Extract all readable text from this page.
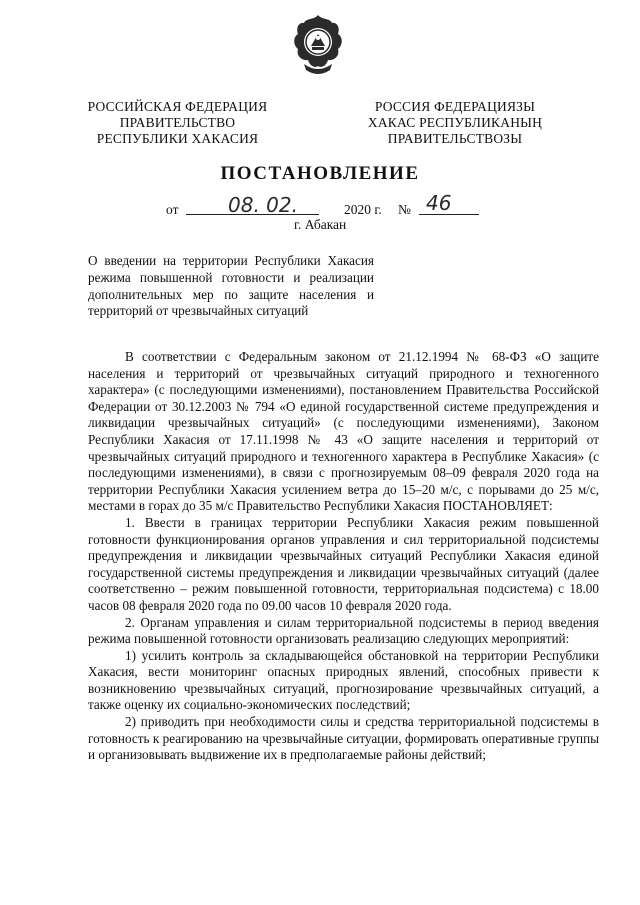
РОССИЙСКАЯ ФЕДЕРАЦИЯ
ПРАВИТЕЛЬСТВО
РЕСПУБЛИКИ ХАКАСИЯ
РОССИЯ ФЕДЕРАЦИЯЗЫ
ХАКАС РЕСПУБЛИКАНЫҢ
ПРАВИТЕЛЬСТВОЗЫ
ПОСТАНОВЛЕНИЕ
от 08. 02.	2020 г. № 46
г. Абакан

О введении на территории Республики Хакасия режима повышенной готовности и реализации дополнительных мер по защите населения и территорий от чрезвычайных ситуаций

В соответствии с Федеральным законом от 21.12.1994 № 68-ФЗ «О защите населения и территорий от чрезвычайных ситуаций природного и техногенного характера» (с последующими изменениями), постановлением Правительства Российской Федерации от 30.12.2003 № 794 «О единой государственной системе предупреждения и ликвидации чрезвычайных ситуаций» (с последующими изменениями), Законом Республики Хакасия от 17.11.1998 № 43 «О защите населения и территорий от чрезвычайных ситуаций природного и техногенного характера в Республике Хакасия» (с последующими изменениями), в связи с прогнозируемым 08–09 февраля 2020 года на территории Республики Хакасия усилением ветра до 15–20 м/с, с порывами до 25 м/с, местами в горах до 35 м/с Правительство Республики Хакасия ПОСТАНОВЛЯЕТ:

1. Ввести в границах территории Республики Хакасия режим повышенной готовности функционирования органов управления и сил территориальной подсистемы предупреждения и ликвидации чрезвычайных ситуаций Республики Хакасия единой государственной системы предупреждения и ликвидации чрезвычайных ситуаций (далее соответственно – режим повышенной готовности, территориальная подсистема) с 18.00 часов 08 февраля 2020 года по 09.00 часов 10 февраля 2020 года.

2. Органам управления и силам территориальной подсистемы в период введения режима повышенной готовности организовать реализацию следующих мероприятий:

1) усилить контроль за складывающейся обстановкой на территории Республики Хакасия, вести мониторинг опасных природных явлений, способных привести к возникновению чрезвычайных ситуаций, прогнозирование чрезвычайных ситуаций, а также оценку их социально-экономических последствий;

2) приводить при необходимости силы и средства территориальной подсистемы в готовность к реагированию на чрезвычайные ситуации, формировать оперативные группы и организовывать выдвижение их в предполагаемые районы действий;
